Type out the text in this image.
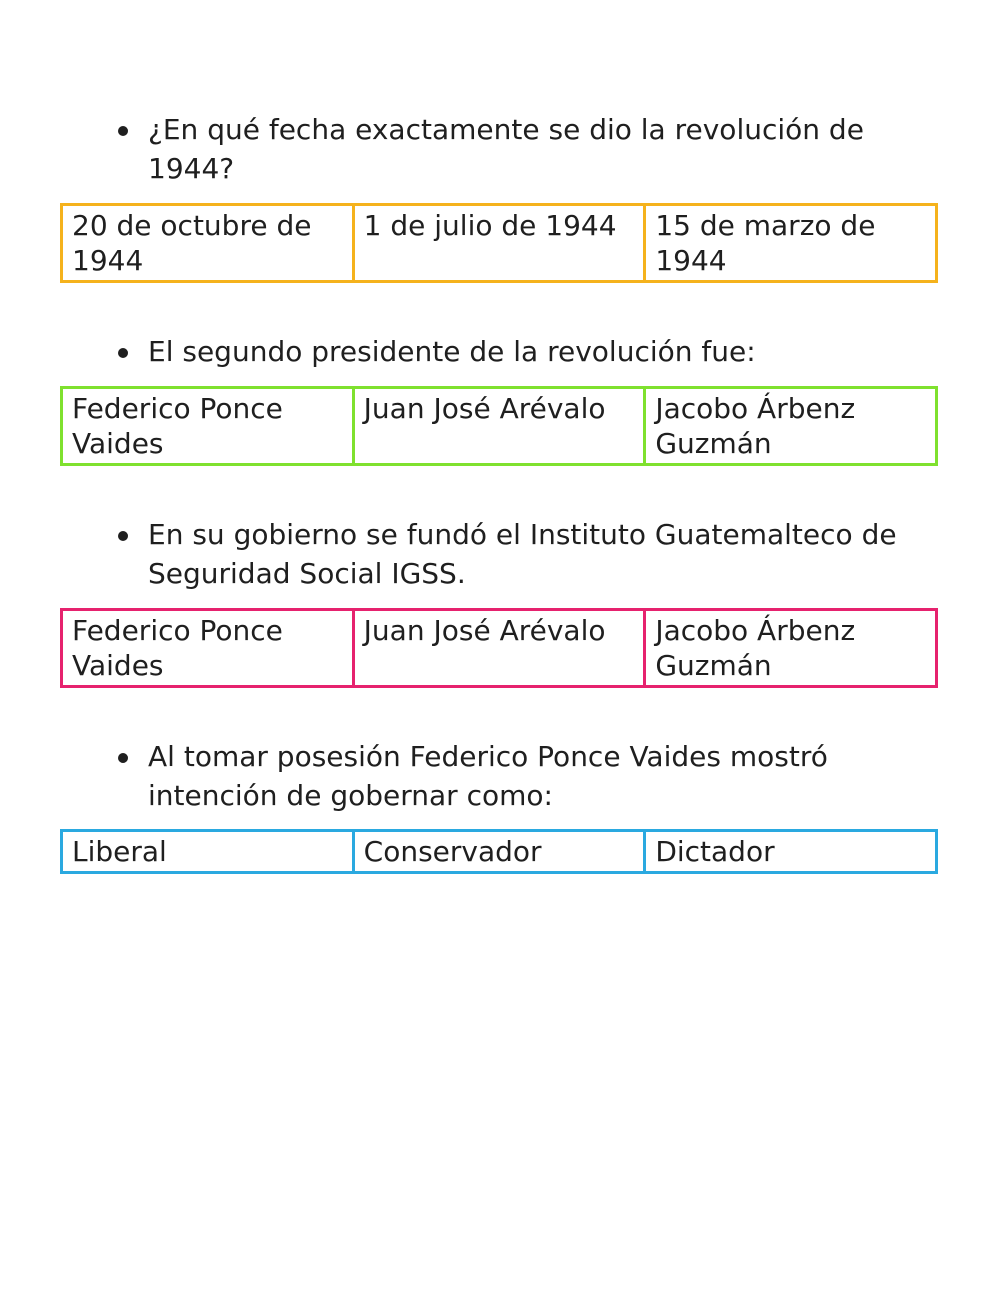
¿En qué fecha exactamente se dio la revolución de 1944?
20 de octubre de 1944	1 de julio de 1944	15 de marzo de 1944
El segundo presidente de la revolución fue:
Federico Ponce Vaides	Juan José Arévalo	Jacobo Árbenz Guzmán
En su gobierno se fundó el Instituto Guatemalteco de Seguridad Social IGSS.
Federico Ponce Vaides	Juan José Arévalo	Jacobo Árbenz Guzmán
Al tomar posesión Federico Ponce Vaides mostró intención de gobernar como:
Liberal	Conservador	Dictador
